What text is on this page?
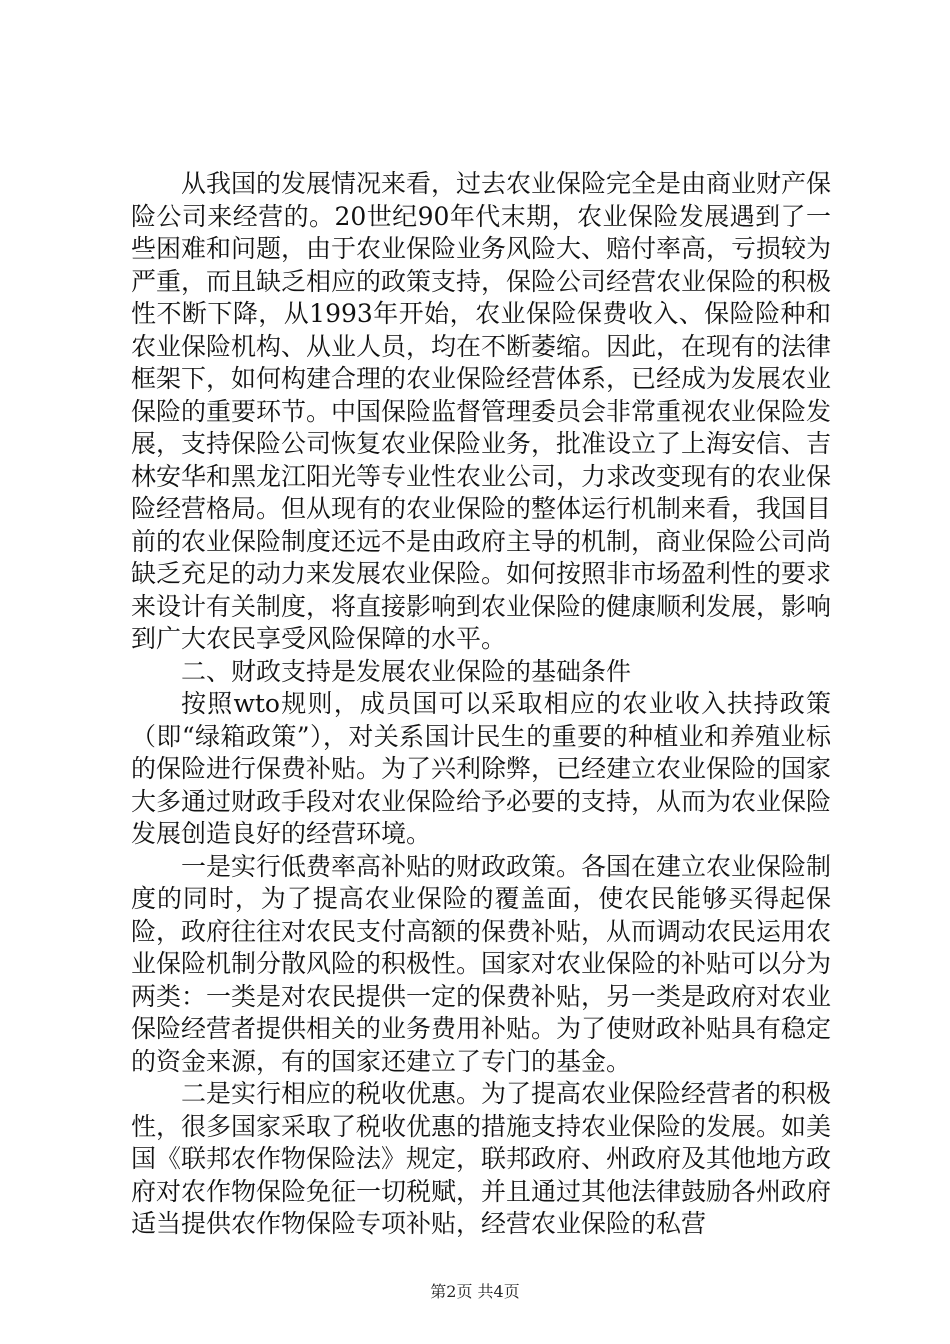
从我国的发展情况来看，过去农业保险完全是由商业财产保险公司来经营的。20世纪90年代末期，农业保险发展遇到了一些困难和问题，由于农业保险业务风险大、赔付率高，亏损较为严重，而且缺乏相应的政策支持，保险公司经营农业保险的积极性不断下降，从1993年开始，农业保险保费收入、保险险种和农业保险机构、从业人员，均在不断萎缩。因此，在现有的法律框架下，如何构建合理的农业保险经营体系，已经成为发展农业保险的重要环节。中国保险监督管理委员会非常重视农业保险发展，支持保险公司恢复农业保险业务，批准设立了上海安信、吉林安华和黑龙江阳光等专业性农业公司，力求改变现有的农业保险经营格局。但从现有的农业保险的整体运行机制来看，我国目前的农业保险制度还远不是由政府主导的机制，商业保险公司尚缺乏充足的动力来发展农业保险。如何按照非市场盈利性的要求来设计有关制度，将直接影响到农业保险的健康顺利发展，影响到广大农民享受风险保障的水平。

二、财政支持是发展农业保险的基础条件

按照wto规则，成员国可以采取相应的农业收入扶持政策（即“绿箱政策”），对关系国计民生的重要的种植业和养殖业标的保险进行保费补贴。为了兴利除弊，已经建立农业保险的国家大多通过财政手段对农业保险给予必要的支持，从而为农业保险发展创造良好的经营环境。

一是实行低费率高补贴的财政政策。各国在建立农业保险制度的同时，为了提高农业保险的覆盖面，使农民能够买得起保险，政府往往对农民支付高额的保费补贴，从而调动农民运用农业保险机制分散风险的积极性。国家对农业保险的补贴可以分为两类：一类是对农民提供一定的保费补贴，另一类是政府对农业保险经营者提供相关的业务费用补贴。为了使财政补贴具有稳定的资金来源，有的国家还建立了专门的基金。

二是实行相应的税收优惠。为了提高农业保险经营者的积极性，很多国家采取了税收优惠的措施支持农业保险的发展。如美国《联邦农作物保险法》规定，联邦政府、州政府及其他地方政府对农作物保险免征一切税赋，并且通过其他法律鼓励各州政府适当提供农作物保险专项补贴，经营农业保险的私营

第2页 共4页
